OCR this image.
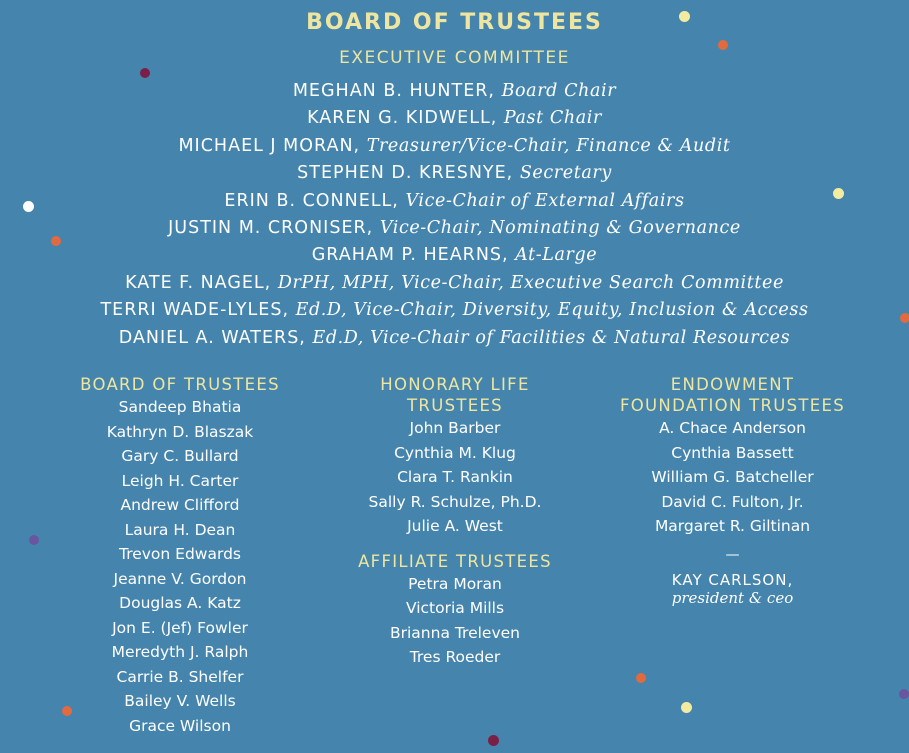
BOARD OF TRUSTEES
EXECUTIVE COMMITTEE
MEGHAN B. HUNTER, Board Chair
KAREN G. KIDWELL, Past Chair
MICHAEL J MORAN, Treasurer/Vice-Chair, Finance & Audit
STEPHEN D. KRESNYE, Secretary
ERIN B. CONNELL, Vice-Chair of External Affairs
JUSTIN M. CRONISER, Vice-Chair, Nominating & Governance
GRAHAM P. HEARNS, At-Large
KATE F. NAGEL, DrPH, MPH, Vice-Chair, Executive Search Committee
TERRI WADE-LYLES, Ed.D, Vice-Chair, Diversity, Equity, Inclusion & Access
DANIEL A. WATERS, Ed.D, Vice-Chair of Facilities & Natural Resources
BOARD OF TRUSTEES
Sandeep Bhatia
Kathryn D. Blaszak
Gary C. Bullard
Leigh H. Carter
Andrew Clifford
Laura H. Dean
Trevon Edwards
Jeanne V. Gordon
Douglas A. Katz
Jon E. (Jef) Fowler
Meredyth J. Ralph
Carrie B. Shelfer
Bailey V. Wells
Grace Wilson
HONORARY LIFE
TRUSTEES
John Barber
Cynthia M. Klug
Clara T. Rankin
Sally R. Schulze, Ph.D.
Julie A. West
AFFILIATE TRUSTEES
Petra Moran
Victoria Mills
Brianna Treleven
Tres Roeder
ENDOWMENT
FOUNDATION TRUSTEES
A. Chace Anderson
Cynthia Bassett
William G. Batcheller
David C. Fulton, Jr.
Margaret R. Giltinan
—
KAY CARLSON,
president & ceo
